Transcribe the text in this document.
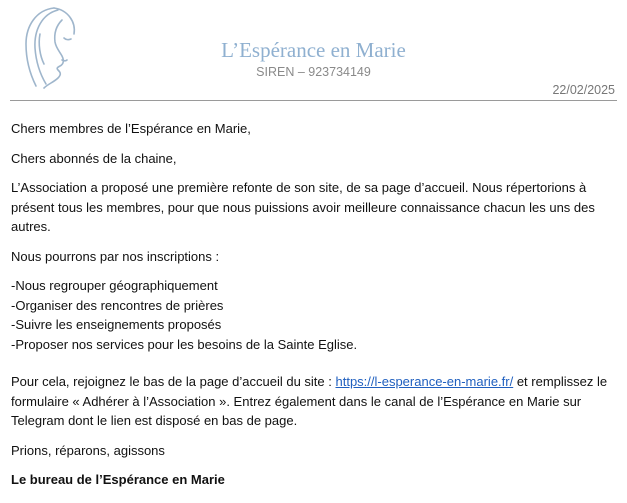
L’Espérance en Marie
SIREN – 923734149
22/02/2025

Chers membres de l’Espérance en Marie,

Chers abonnés de la chaine,

L’Association a proposé une première refonte de son site, de sa page d’accueil. Nous répertorions à présent tous les membres, pour que nous puissions avoir meilleure connaissance chacun les uns des autres.

Nous pourrons par nos inscriptions :

-Nous regrouper géographiquement
-Organiser des rencontres de prières
-Suivre les enseignements proposés
-Proposer nos services pour les besoins de la Sainte Eglise.

Pour cela, rejoignez le bas de la page d’accueil du site : https://l-esperance-en-marie.fr/ et remplissez le formulaire « Adhérer à l’Association ». Entrez également dans le canal de l’Espérance en Marie sur Telegram dont le lien est disposé en bas de page.

Prions, réparons, agissons

Le bureau de l’Espérance en Marie
